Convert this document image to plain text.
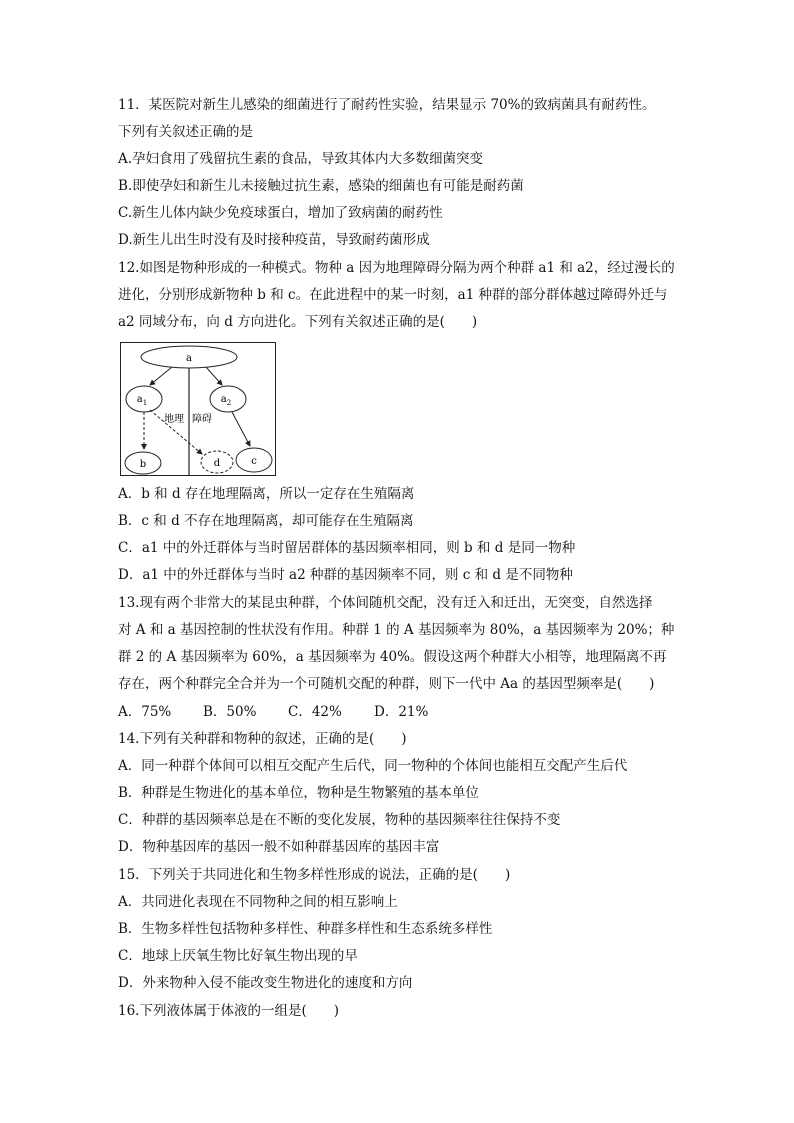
11．某医院对新生儿感染的细菌进行了耐药性实验，结果显示 70%的致病菌具有耐药性。
下列有关叙述正确的是
A.孕妇食用了残留抗生素的食品，导致其体内大多数细菌突变
B.即使孕妇和新生儿未接触过抗生素，感染的细菌也有可能是耐药菌
C.新生儿体内缺少免疫球蛋白，增加了致病菌的耐药性
D.新生儿出生时没有及时接种疫苗，导致耐药菌形成
12.如图是物种形成的一种模式。物种 a 因为地理障碍分隔为两个种群 a1 和 a2，经过漫长的
进化，分别形成新物种 b 和 c。在此进程中的某一时刻，a1 种群的部分群体越过障碍外迁与
a2 同域分布，向 d 方向进化。下列有关叙述正确的是(　　)
a
$a_1$	$a_2$
地理 障碍
b	d	c
A．b 和 d 存在地理隔离，所以一定存在生殖隔离
B．c 和 d 不存在地理隔离，却可能存在生殖隔离
C．a1 中的外迁群体与当时留居群体的基因频率相同，则 b 和 d 是同一物种
D．a1 中的外迁群体与当时 a2 种群的基因频率不同，则 c 和 d 是不同物种
13.现有两个非常大的某昆虫种群，个体间随机交配，没有迁入和迁出，无突变，自然选择
对 A 和 a 基因控制的性状没有作用。种群 1 的 A 基因频率为 80%，a 基因频率为 20%；种
群 2 的 A 基因频率为 60%，a 基因频率为 40%。假设这两个种群大小相等，地理隔离不再
存在，两个种群完全合并为一个可随机交配的种群，则下一代中 Aa 的基因型频率是(　　)
A．75% B．50% C．42% D．21%
14.下列有关种群和物种的叙述，正确的是(　　)
A．同一种群个体间可以相互交配产生后代，同一物种的个体间也能相互交配产生后代
B．种群是生物进化的基本单位，物种是生物繁殖的基本单位
C．种群的基因频率总是在不断的变化发展，物种的基因频率往往保持不变
D．物种基因库的基因一般不如种群基因库的基因丰富
15．下列关于共同进化和生物多样性形成的说法，正确的是(　　)
A．共同进化表现在不同物种之间的相互影响上
B．生物多样性包括物种多样性、种群多样性和生态系统多样性
C．地球上厌氧生物比好氧生物出现的早
D．外来物种入侵不能改变生物进化的速度和方向
16.下列液体属于体液的一组是(　　)
